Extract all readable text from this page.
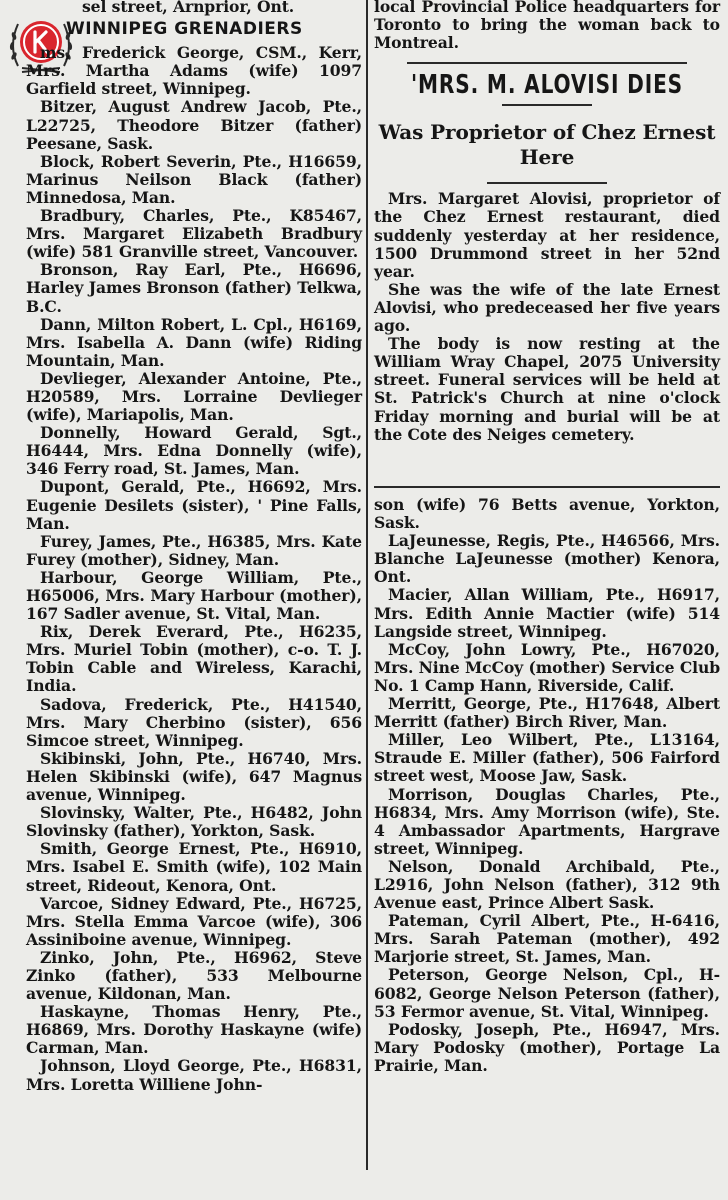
sel street, Arnprior, Ont.

WINNIPEG GRENADIERS

ms, Frederick George, CSM., Kerr, Mrs. Martha Adams (wife) 1097 Garfield street, Winnipeg.

Bitzer, August Andrew Jacob, Pte., L22725, Theodore Bitzer (father) Peesane, Sask.

Block, Robert Severin, Pte., H16659, Marinus Neilson Black (father) Minnedosa, Man.

Bradbury, Charles, Pte., K85467, Mrs. Margaret Elizabeth Bradbury (wife) 581 Granville street, Vancouver.

Bronson, Ray Earl, Pte., H6696, Harley James Bronson (father) Telkwa, B.C.

Dann, Milton Robert, L. Cpl., H6169, Mrs. Isabella A. Dann (wife) Riding Mountain, Man.

Devlieger, Alexander Antoine, Pte., H20589, Mrs. Lorraine Devlieger (wife), Mariapolis, Man.

Donnelly, Howard Gerald, Sgt., H6444, Mrs. Edna Donnelly (wife), 346 Ferry road, St. James, Man.

Dupont, Gerald, Pte., H6692, Mrs. Eugenie Desilets (sister), ' Pine Falls, Man.

Furey, James, Pte., H6385, Mrs. Kate Furey (mother), Sidney, Man.

Harbour, George William, Pte., H65006, Mrs. Mary Harbour (mother), 167 Sadler avenue, St. Vital, Man.

Rix, Derek Everard, Pte., H6235, Mrs. Muriel Tobin (mother), c-o. T. J. Tobin Cable and Wireless, Karachi, India.

Sadova, Frederick, Pte., H41540, Mrs. Mary Cherbino (sister), 656 Simcoe street, Winnipeg.

Skibinski, John, Pte., H6740, Mrs. Helen Skibinski (wife), 647 Magnus avenue, Winnipeg.

Slovinsky, Walter, Pte., H6482, John Slovinsky (father), Yorkton, Sask.

Smith, George Ernest, Pte., H6910, Mrs. Isabel E. Smith (wife), 102 Main street, Rideout, Kenora, Ont.

Varcoe, Sidney Edward, Pte., H6725, Mrs. Stella Emma Varcoe (wife), 306 Assiniboine avenue, Winnipeg.

Zinko, John, Pte., H6962, Steve Zinko (father), 533 Melbourne avenue, Kildonan, Man.

Haskayne, Thomas Henry, Pte., H6869, Mrs. Dorothy Haskayne (wife) Carman, Man.

Johnson, Lloyd George, Pte., H6831, Mrs. Loretta Williene John-

local Provincial Police headquarters for Toronto to bring the woman back to Montreal.

'MRS. M. ALOVISI DIES
Was Proprietor of Chez Ernest Here

Mrs. Margaret Alovisi, proprietor of the Chez Ernest restaurant, died suddenly yesterday at her residence, 1500 Drummond street in her 52nd year.

She was the wife of the late Ernest Alovisi, who predeceased her five years ago.

The body is now resting at the William Wray Chapel, 2075 University street. Funeral services will be held at St. Patrick's Church at nine o'clock Friday morning and burial will be at the Cote des Neiges cemetery.

son (wife) 76 Betts avenue, Yorkton, Sask.

LaJeunesse, Regis, Pte., H46566, Mrs. Blanche LaJeunesse (mother) Kenora, Ont.

Macier, Allan William, Pte., H6917, Mrs. Edith Annie Mactier (wife) 514 Langside street, Winnipeg.

McCoy, John Lowry, Pte., H67020, Mrs. Nine McCoy (mother) Service Club No. 1 Camp Hann, Riverside, Calif.

Merritt, George, Pte., H17648, Albert Merritt (father) Birch River, Man.

Miller, Leo Wilbert, Pte., L13164, Straude E. Miller (father), 506 Fairford street west, Moose Jaw, Sask.

Morrison, Douglas Charles, Pte., H6834, Mrs. Amy Morrison (wife), Ste. 4 Ambassador Apartments, Hargrave street, Winnipeg.

Nelson, Donald Archibald, Pte., L2916, John Nelson (father), 312 9th Avenue east, Prince Albert Sask.

Pateman, Cyril Albert, Pte., H-6416, Mrs. Sarah Pateman (mother), 492 Marjorie street, St. James, Man.

Peterson, George Nelson, Cpl., H-6082, George Nelson Peterson (father), 53 Fermor avenue, St. Vital, Winnipeg.

Podosky, Joseph, Pte., H6947, Mrs. Mary Podosky (mother), Portage La Prairie, Man.
